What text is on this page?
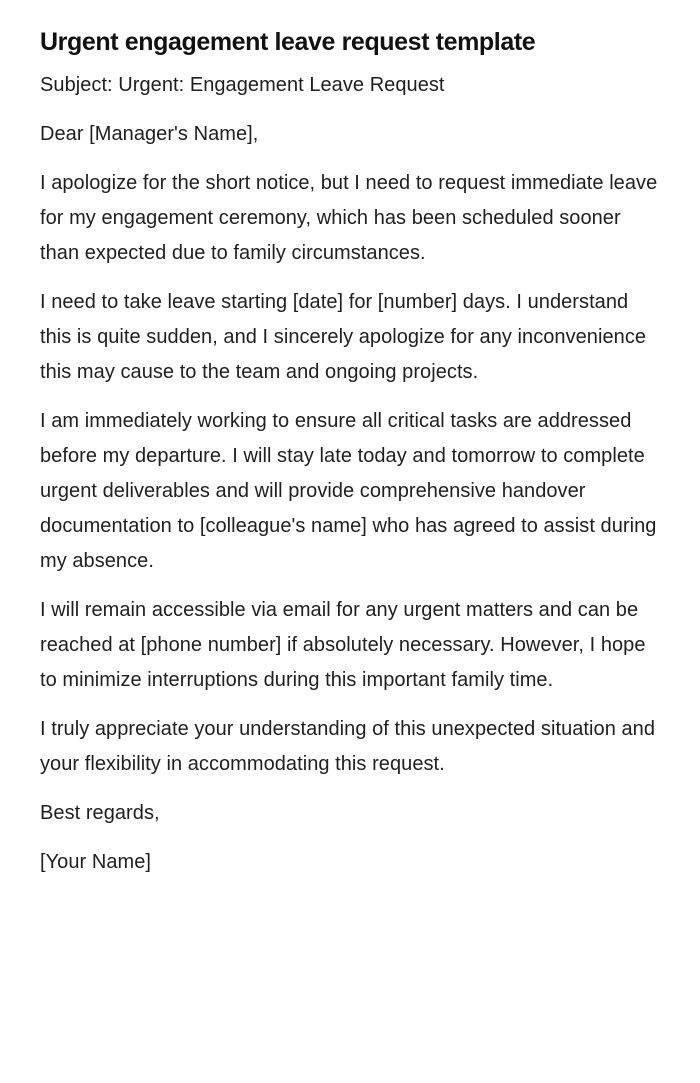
Urgent engagement leave request template

Subject: Urgent: Engagement Leave Request

Dear [Manager's Name],

I apologize for the short notice, but I need to request immediate leave for my engagement ceremony, which has been scheduled sooner than expected due to family circumstances.

I need to take leave starting [date] for [number] days. I understand this is quite sudden, and I sincerely apologize for any inconvenience this may cause to the team and ongoing projects.

I am immediately working to ensure all critical tasks are addressed before my departure. I will stay late today and tomorrow to complete urgent deliverables and will provide comprehensive handover documentation to [colleague's name] who has agreed to assist during my absence.

I will remain accessible via email for any urgent matters and can be reached at [phone number] if absolutely necessary. However, I hope to minimize interruptions during this important family time.

I truly appreciate your understanding of this unexpected situation and your flexibility in accommodating this request.

Best regards,

[Your Name]
